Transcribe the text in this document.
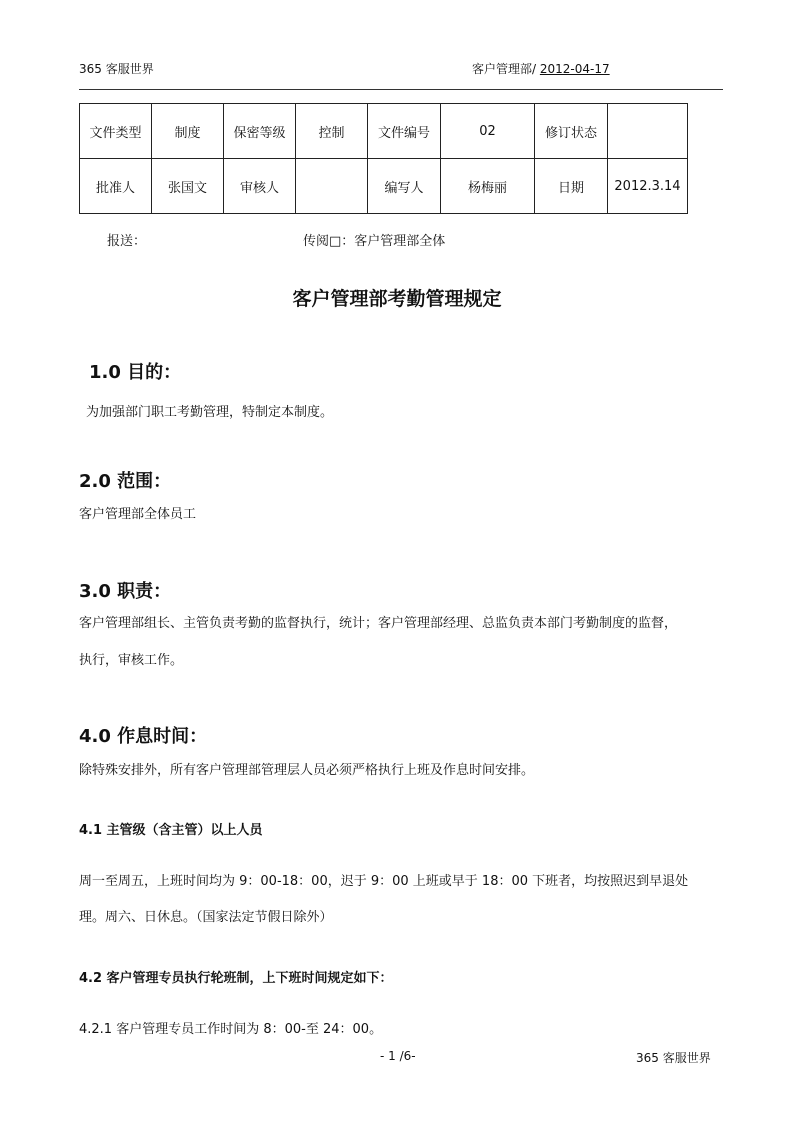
365 客服世界	客户管理部/ 2012-04-17
文件类型	制度	保密等级	控制	文件编号	02	修订状态	
批准人	张国文	审核人		编写人	杨梅丽	日期	2012.3.14
报送：	传阅□：客户管理部全体
客户管理部考勤管理规定
1.0 目的：
为加强部门职工考勤管理，特制定本制度。
2.0 范围：
客户管理部全体员工
3.0 职责：
客户管理部组长、主管负责考勤的监督执行，统计；客户管理部经理、总监负责本部门考勤制度的监督，
执行，审核工作。
4.0 作息时间：
除特殊安排外，所有客户管理部管理层人员必须严格执行上班及作息时间安排。
4.1 主管级（含主管）以上人员
周一至周五，上班时间均为 9：00-18：00，迟于 9：00 上班或早于 18：00 下班者，均按照迟到早退处
理。周六、日休息。（国家法定节假日除外）
4.2 客户管理专员执行轮班制，上下班时间规定如下：
4.2.1 客户管理专员工作时间为 8：00-至 24：00。
- 1 /6-	365 客服世界
